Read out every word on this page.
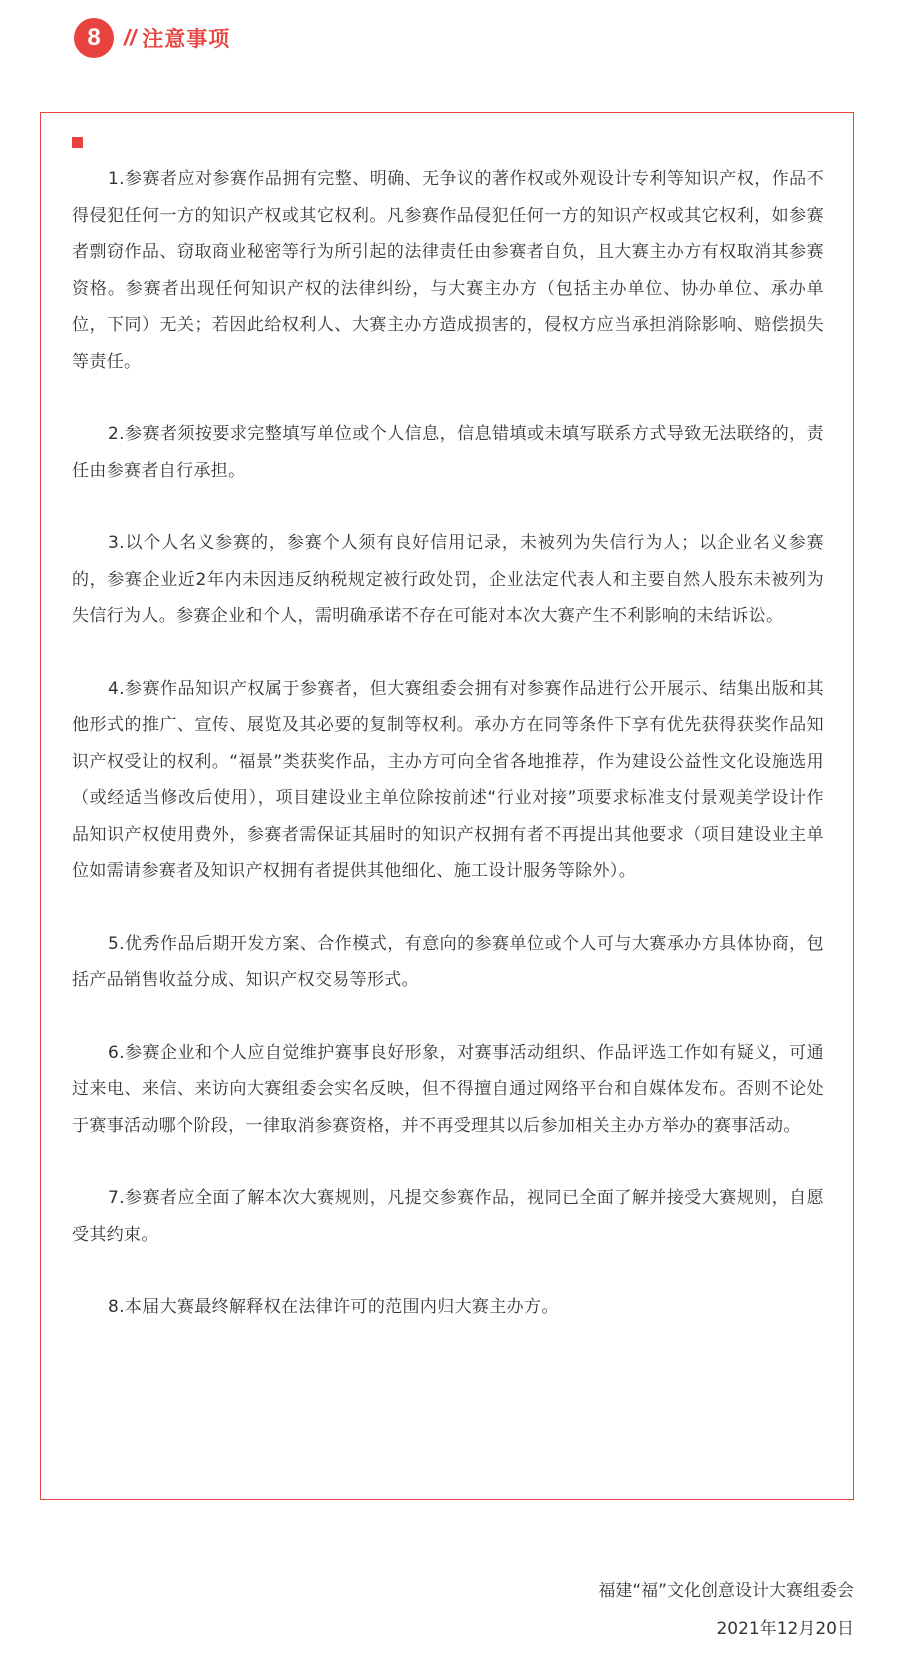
8	// 注意事项

1.参赛者应对参赛作品拥有完整、明确、无争议的著作权或外观设计专利等知识产权，作品不得侵犯任何一方的知识产权或其它权利。凡参赛作品侵犯任何一方的知识产权或其它权利，如参赛者剽窃作品、窃取商业秘密等行为所引起的法律责任由参赛者自负，且大赛主办方有权取消其参赛资格。参赛者出现任何知识产权的法律纠纷，与大赛主办方（包括主办单位、协办单位、承办单位，下同）无关；若因此给权利人、大赛主办方造成损害的，侵权方应当承担消除影响、赔偿损失等责任。

2.参赛者须按要求完整填写单位或个人信息，信息错填或未填写联系方式导致无法联络的，责任由参赛者自行承担。

3.以个人名义参赛的，参赛个人须有良好信用记录，未被列为失信行为人；以企业名义参赛的，参赛企业近2年内未因违反纳税规定被行政处罚，企业法定代表人和主要自然人股东未被列为失信行为人。参赛企业和个人，需明确承诺不存在可能对本次大赛产生不利影响的未结诉讼。

4.参赛作品知识产权属于参赛者，但大赛组委会拥有对参赛作品进行公开展示、结集出版和其他形式的推广、宣传、展览及其必要的复制等权利。承办方在同等条件下享有优先获得获奖作品知识产权受让的权利。“福景”类获奖作品，主办方可向全省各地推荐，作为建设公益性文化设施选用（或经适当修改后使用），项目建设业主单位除按前述“行业对接”项要求标准支付景观美学设计作品知识产权使用费外，参赛者需保证其届时的知识产权拥有者不再提出其他要求（项目建设业主单位如需请参赛者及知识产权拥有者提供其他细化、施工设计服务等除外）。

5.优秀作品后期开发方案、合作模式，有意向的参赛单位或个人可与大赛承办方具体协商，包括产品销售收益分成、知识产权交易等形式。

6.参赛企业和个人应自觉维护赛事良好形象，对赛事活动组织、作品评选工作如有疑义，可通过来电、来信、来访向大赛组委会实名反映，但不得擅自通过网络平台和自媒体发布。否则不论处于赛事活动哪个阶段，一律取消参赛资格，并不再受理其以后参加相关主办方举办的赛事活动。

7.参赛者应全面了解本次大赛规则，凡提交参赛作品，视同已全面了解并接受大赛规则，自愿受其约束。

8.本届大赛最终解释权在法律许可的范围内归大赛主办方。

福建“福”文化创意设计大赛组委会
2021年12月20日
